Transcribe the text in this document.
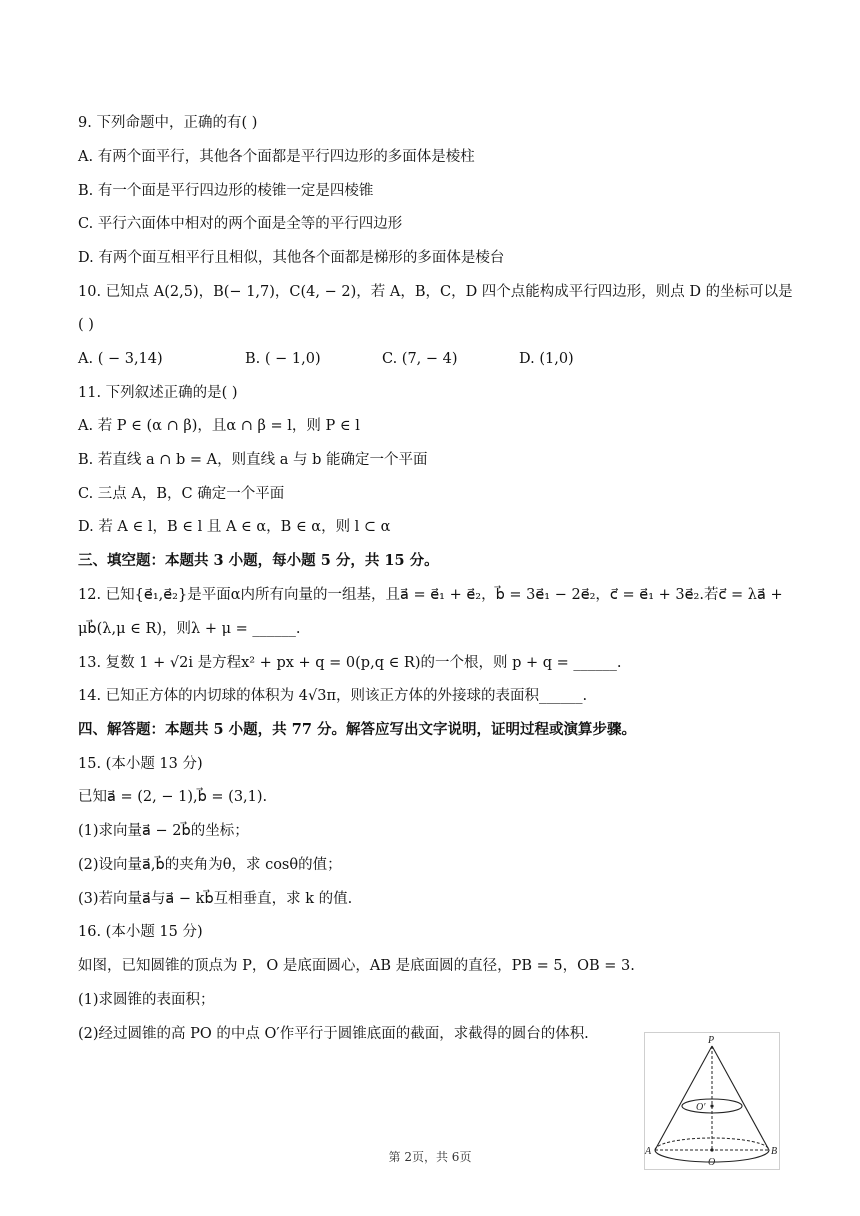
9. 下列命题中，正确的有( )
A. 有两个面平行，其他各个面都是平行四边形的多面体是棱柱
B. 有一个面是平行四边形的棱锥一定是四棱锥
C. 平行六面体中相对的两个面是全等的平行四边形
D. 有两个面互相平行且相似，其他各个面都是梯形的多面体是棱台
10. 已知点 A(2,5)，B(− 1,7)，C(4, − 2)，若 A，B，C，D 四个点能构成平行四边形，则点 D 的坐标可以是
( )
A. ( − 3,14)	B. ( − 1,0)	C. (7, − 4)	D. (1,0)
11. 下列叙述正确的是( )
A. 若 P ∈ (α ∩ β)，且α ∩ β = l，则 P ∈ l
B. 若直线 a ∩ b = A，则直线 a 与 b 能确定一个平面
C. 三点 A，B，C 确定一个平面
D. 若 A ∈ l，B ∈ l 且 A ∈ α，B ∈ α，则 l ⊂ α
三、填空题：本题共 3 小题，每小题 5 分，共 15 分。
12. 已知{e⃗₁,e⃗₂}是平面α内所有向量的一组基，且a⃗ = e⃗₁ + e⃗₂，b⃗ = 3e⃗₁ − 2e⃗₂，c⃗ = e⃗₁ + 3e⃗₂.若c⃗ = λa⃗ +
μb⃗(λ,μ ∈ R)，则λ + μ = ______.
13. 复数 1 + √2i 是方程x² + px + q = 0(p,q ∈ R)的一个根，则 p + q = ______.
14. 已知正方体的内切球的体积为 4√3π，则该正方体的外接球的表面积______.
四、解答题：本题共 5 小题，共 77 分。解答应写出文字说明，证明过程或演算步骤。
15. (本小题 13 分)
已知a⃗ = (2, − 1),b⃗ = (3,1).
(1)求向量a⃗ − 2b⃗的坐标；
(2)设向量a⃗,b⃗的夹角为θ，求 cosθ的值；
(3)若向量a⃗与a⃗ − kb⃗互相垂直，求 k 的值.
16. (本小题 15 分)
如图，已知圆锥的顶点为 P，O 是底面圆心，AB 是底面圆的直径，PB = 5，OB = 3.
(1)求圆锥的表面积；
(2)经过圆锥的高 PO 的中点 O′作平行于圆锥底面的截面，求截得的圆台的体积.	P
O′
A	B
O
第 2页，共 6页
